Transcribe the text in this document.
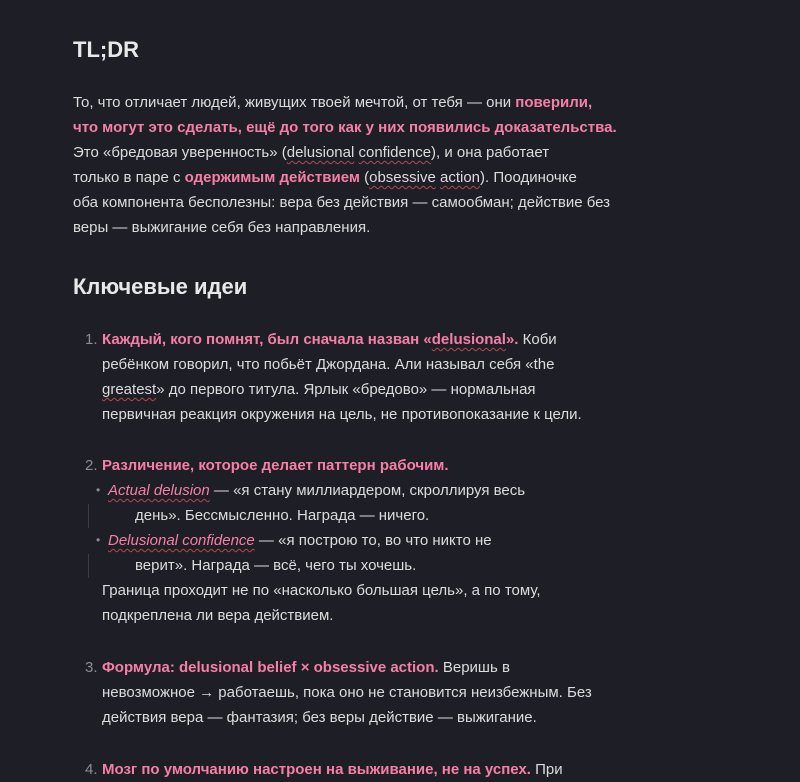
TL;DR
То, что отличает людей, живущих твоей мечтой, от тебя — они поверили,
что могут это сделать, ещё до того как у них появились доказательства.
Это «бредовая уверенность» (delusional confidence), и она работает
только в паре с одержимым действием (obsessive action). Поодиночке
оба компонента бесполезны: вера без действия — самообман; действие без
веры — выжигание себя без направления.
Ключевые идеи
1. Каждый, кого помнят, был сначала назван «delusional». Коби
ребёнком говорил, что побьёт Джордана. Али называл себя «the
greatest» до первого титула. Ярлык «бредово» — нормальная
первичная реакция окружения на цель, не противопоказание к цели.
2. Различение, которое делает паттерн рабочим.
• Actual delusion — «я стану миллиардером, скроллируя весь
день». Бессмысленно. Награда — ничего.
• Delusional confidence — «я построю то, во что никто не
верит». Награда — всё, чего ты хочешь.
Граница проходит не по «насколько большая цель», а по тому,
подкреплена ли вера действием.
3. Формула: delusional belief × obsessive action. Веришь в
невозможное → работаешь, пока оно не становится неизбежным. Без
действия вера — фантазия; без веры действие — выжигание.
4. Мозг по умолчанию настроен на выживание, не на успех. При
